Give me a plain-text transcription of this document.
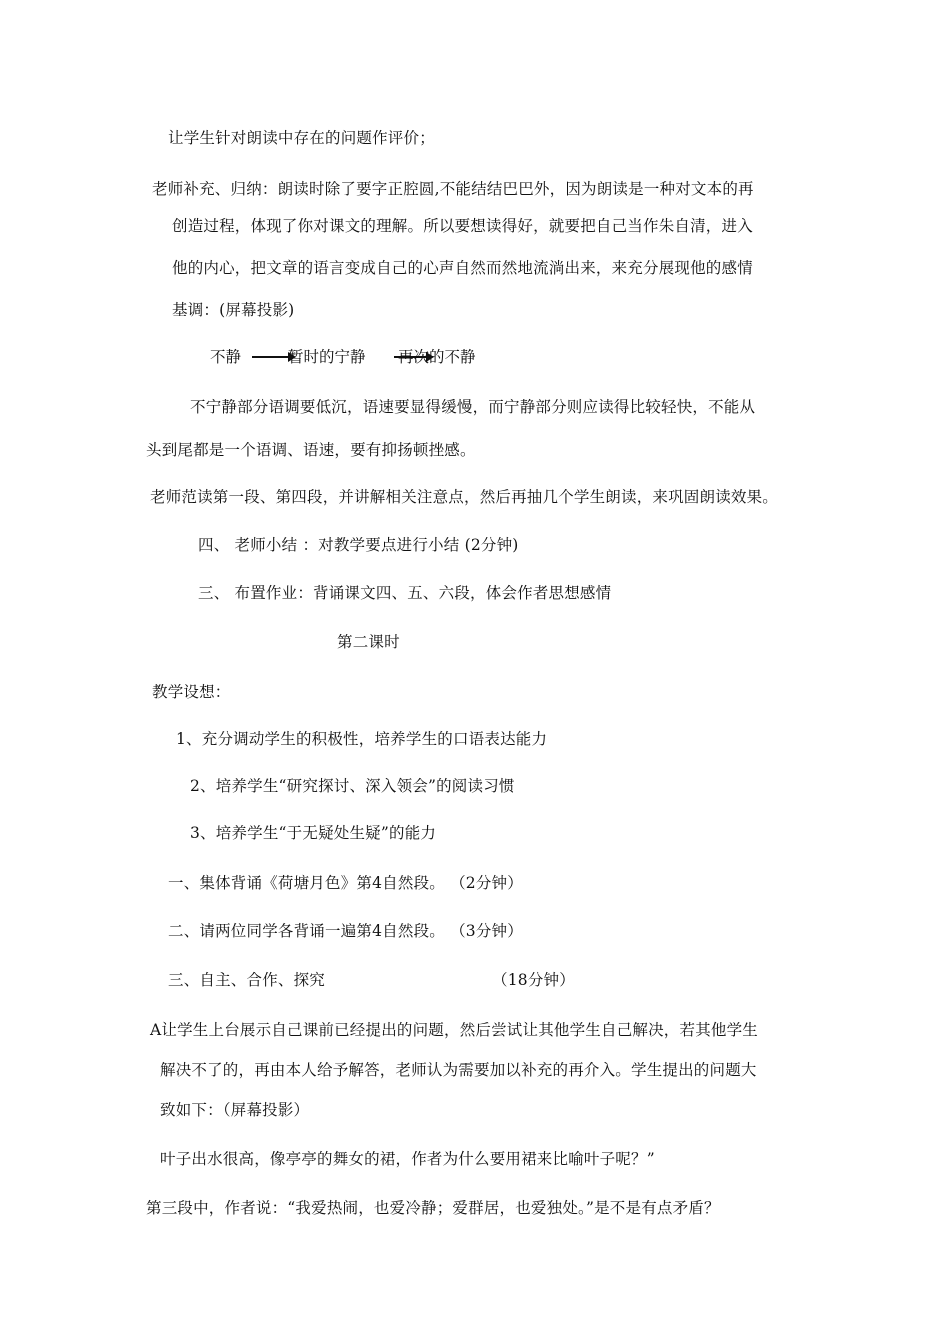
让学生针对朗读中存在的问题作评价；
老师补充、归纳：朗读时除了要字正腔圆,不能结结巴巴外，因为朗读是一种对文本的再
创造过程，体现了你对课文的理解。所以要想读得好，就要把自己当作朱自清，进入
他的内心，把文章的语言变成自己的心声自然而然地流淌出来，来充分展现他的感情
基调：(屏幕投影)
不静	暂时的宁静 再次的不静
不宁静部分语调要低沉，语速要显得缓慢，而宁静部分则应读得比较轻快，不能从
头到尾都是一个语调、语速，要有抑扬顿挫感。
老师范读第一段、第四段，并讲解相关注意点，然后再抽几个学生朗读，来巩固朗读效果。
四、 老师小结 ：对教学要点进行小结 (2分钟)
三、 布置作业：背诵课文四、五、六段，体会作者思想感情
第二课时
教学设想：
1、充分调动学生的积极性，培养学生的口语表达能力
2、培养学生“研究探讨、深入领会”的阅读习惯
3、培养学生“于无疑处生疑”的能力
一、集体背诵《荷塘月色》第4自然段。 （2分钟）
二、请两位同学各背诵一遍第4自然段。 （3分钟）
三、自主、合作、探究	（18分钟）
A让学生上台展示自己课前已经提出的问题，然后尝试让其他学生自己解决，若其他学生
解决不了的，再由本人给予解答，老师认为需要加以补充的再介入。学生提出的问题大
致如下：（屏幕投影）
叶子出水很高，像亭亭的舞女的裙，作者为什么要用裙来比喻叶子呢？”
第三段中，作者说：“我爱热闹，也爱冷静；爱群居，也爱独处。”是不是有点矛盾？
